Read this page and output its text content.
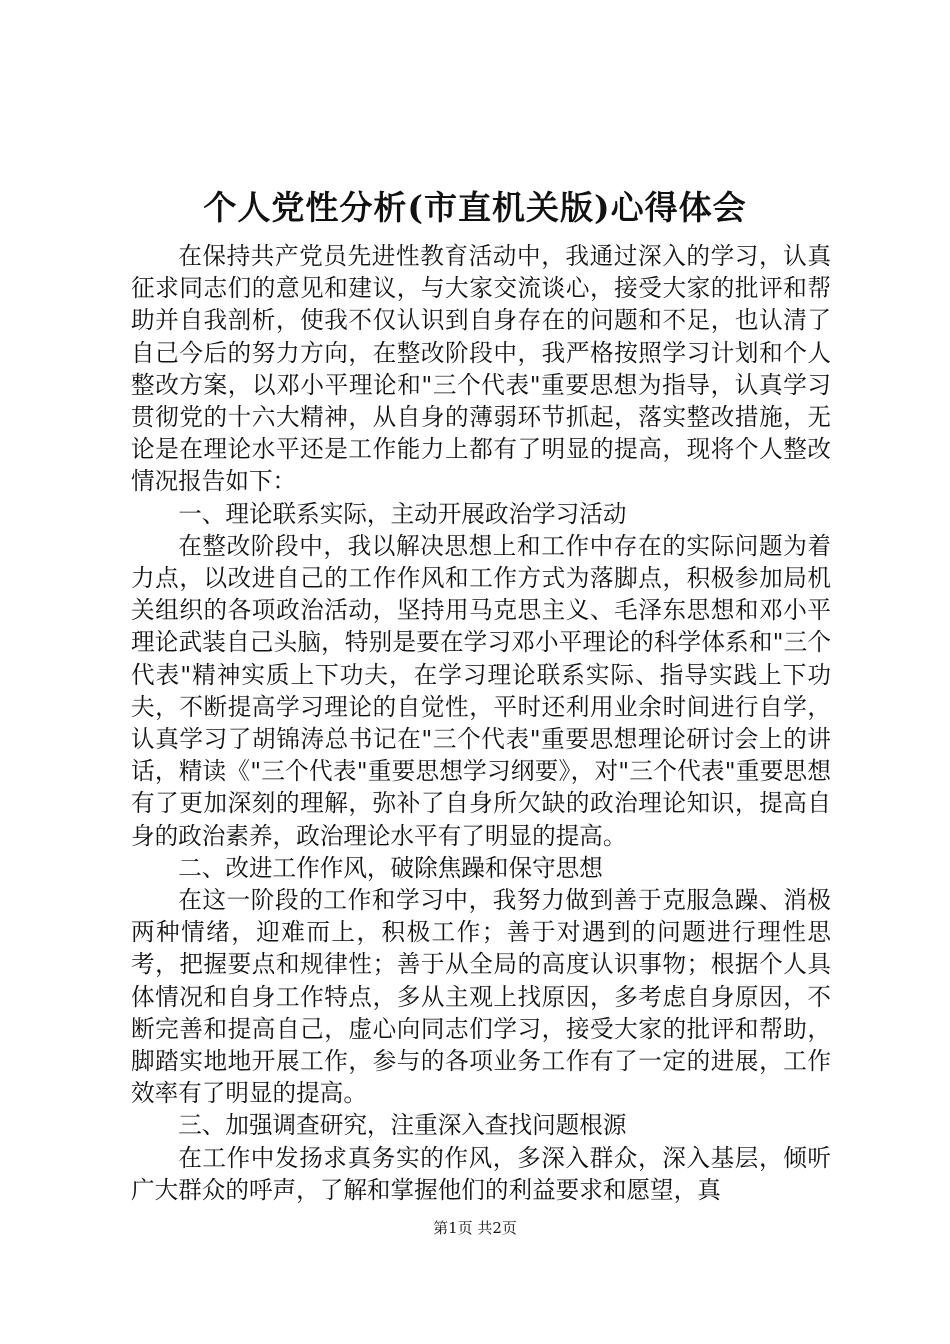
个人党性分析(市直机关版)心得体会

在保持共产党员先进性教育活动中，我通过深入的学习，认真征求同志们的意见和建议，与大家交流谈心，接受大家的批评和帮助并自我剖析，使我不仅认识到自身存在的问题和不足，也认清了自己今后的努力方向，在整改阶段中，我严格按照学习计划和个人整改方案，以邓小平理论和"三个代表"重要思想为指导，认真学习贯彻党的十六大精神，从自身的薄弱环节抓起，落实整改措施，无论是在理论水平还是工作能力上都有了明显的提高，现将个人整改情况报告如下：

一、理论联系实际，主动开展政治学习活动

在整改阶段中，我以解决思想上和工作中存在的实际问题为着力点，以改进自己的工作作风和工作方式为落脚点，积极参加局机关组织的各项政治活动，坚持用马克思主义、毛泽东思想和邓小平理论武装自己头脑，特别是要在学习邓小平理论的科学体系和"三个代表"精神实质上下功夫，在学习理论联系实际、指导实践上下功夫，不断提高学习理论的自觉性，平时还利用业余时间进行自学，认真学习了胡锦涛总书记在"三个代表"重要思想理论研讨会上的讲话，精读《"三个代表"重要思想学习纲要》，对"三个代表"重要思想有了更加深刻的理解，弥补了自身所欠缺的政治理论知识，提高自身的政治素养，政治理论水平有了明显的提高。

二、改进工作作风，破除焦躁和保守思想

在这一阶段的工作和学习中，我努力做到善于克服急躁、消极两种情绪，迎难而上，积极工作；善于对遇到的问题进行理性思考，把握要点和规律性；善于从全局的高度认识事物；根据个人具体情况和自身工作特点，多从主观上找原因，多考虑自身原因，不断完善和提高自己，虚心向同志们学习，接受大家的批评和帮助，脚踏实地地开展工作，参与的各项业务工作有了一定的进展，工作效率有了明显的提高。

三、加强调查研究，注重深入查找问题根源

在工作中发扬求真务实的作风，多深入群众，深入基层，倾听广大群众的呼声，了解和掌握他们的利益要求和愿望，真

第1页 共2页
